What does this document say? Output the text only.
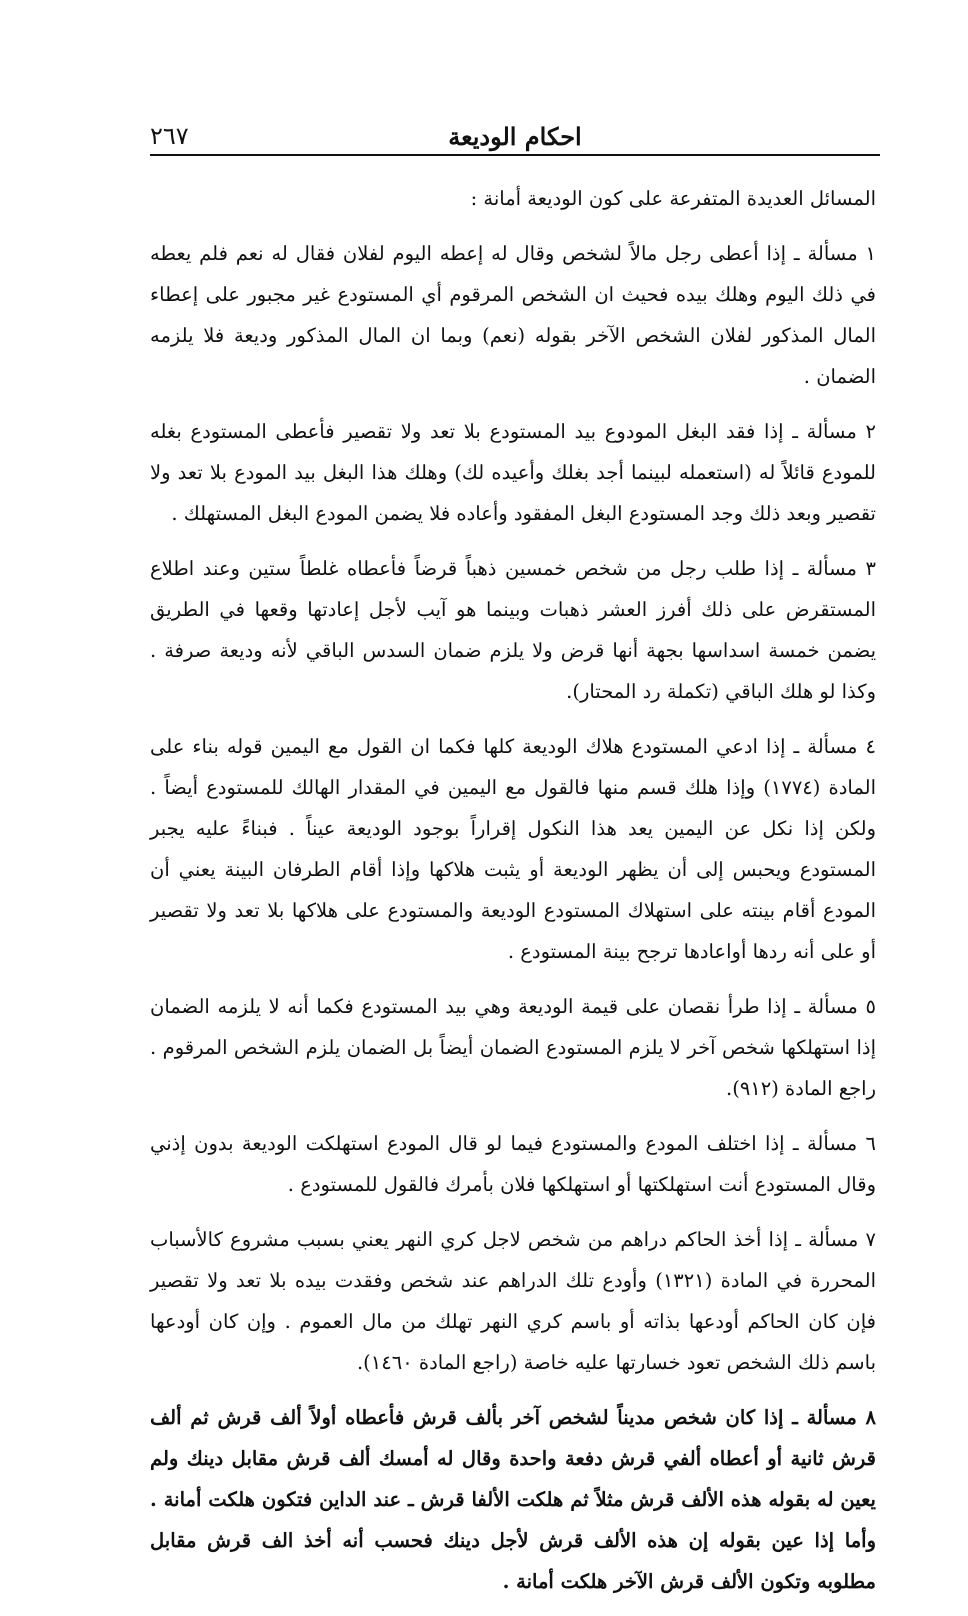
٢٦٧	احكام الوديعة

المسائل العديدة المتفرعة على كون الوديعة أمانة :

١ مسألة ـ إذا أعطى رجل مالاً لشخص وقال له إعطه اليوم لفلان فقال له نعم فلم يعطه في ذلك اليوم وهلك بيده فحيث ان الشخص المرقوم أي المستودع غير مجبور على إعطاء المال المذكور لفلان الشخص الآخر بقوله (نعم) وبما ان المال المذكور وديعة فلا يلزمه الضمان .

٢ مسألة ـ إذا فقد البغل المودوع بيد المستودع بلا تعد ولا تقصير فأعطى المستودع بغله للمودع قائلاً له (استعمله لبينما أجد بغلك وأعيده لك) وهلك هذا البغل بيد المودع بلا تعد ولا تقصير وبعد ذلك وجد المستودع البغل المفقود وأعاده فلا يضمن المودع البغل المستهلك .

٣ مسألة ـ إذا طلب رجل من شخص خمسين ذهباً قرضاً فأعطاه غلطاً ستين وعند اطلاع المستقرض على ذلك أفرز العشر ذهبات وبينما هو آيب لأجل إعادتها وقعها في الطريق يضمن خمسة اسداسها بجهة أنها قرض ولا يلزم ضمان السدس الباقي لأنه وديعة صرفة . وكذا لو هلك الباقي (تكملة رد المحتار).

٤ مسألة ـ إذا ادعي المستودع هلاك الوديعة كلها فكما ان القول مع اليمين قوله بناء على المادة (١٧٧٤) وإذا هلك قسم منها فالقول مع اليمين في المقدار الهالك للمستودع أيضاً . ولكن إذا نكل عن اليمين يعد هذا النكول إقراراً بوجود الوديعة عيناً . فبناءً عليه يجبر المستودع ويحبس إلى أن يظهر الوديعة أو يثبت هلاكها وإذا أقام الطرفان البينة يعني أن المودع أقام بينته على استهلاك المستودع الوديعة والمستودع على هلاكها بلا تعد ولا تقصير أو على أنه ردها أواعادها ترجح بينة المستودع .

٥ مسألة ـ إذا طرأ نقصان على قيمة الوديعة وهي بيد المستودع فكما أنه لا يلزمه الضمان إذا استهلكها شخص آخر لا يلزم المستودع الضمان أيضاً بل الضمان يلزم الشخص المرقوم . راجع المادة (٩١٢).

٦ مسألة ـ إذا اختلف المودع والمستودع فيما لو قال المودع استهلكت الوديعة بدون إذني وقال المستودع أنت استهلكتها أو استهلكها فلان بأمرك فالقول للمستودع .

٧ مسألة ـ إذا أخذ الحاكم دراهم من شخص لاجل كري النهر يعني بسبب مشروع كالأسباب المحررة في المادة (١٣٢١) وأودع تلك الدراهم عند شخص وفقدت بيده بلا تعد ولا تقصير فإن كان الحاكم أودعها بذاته أو باسم كري النهر تهلك من مال العموم . وإن كان أودعها باسم ذلك الشخص تعود خسارتها عليه خاصة (راجع المادة ١٤٦٠).

٨ مسألة ـ إذا كان شخص مديناً لشخص آخر بألف قرش فأعطاه أولاً ألف قرش ثم ألف قرش ثانية أو أعطاه ألفي قرش دفعة واحدة وقال له أمسك ألف قرش مقابل دينك ولم يعين له بقوله هذه الألف قرش مثلاً ثم هلكت الألفا قرش ـ عند الداين فتكون هلكت أمانة . وأما إذا عين بقوله إن هذه الألف قرش لأجل دينك فحسب أنه أخذ الف قرش مقابل مطلوبه وتكون الألف قرش الآخر هلكت أمانة .
